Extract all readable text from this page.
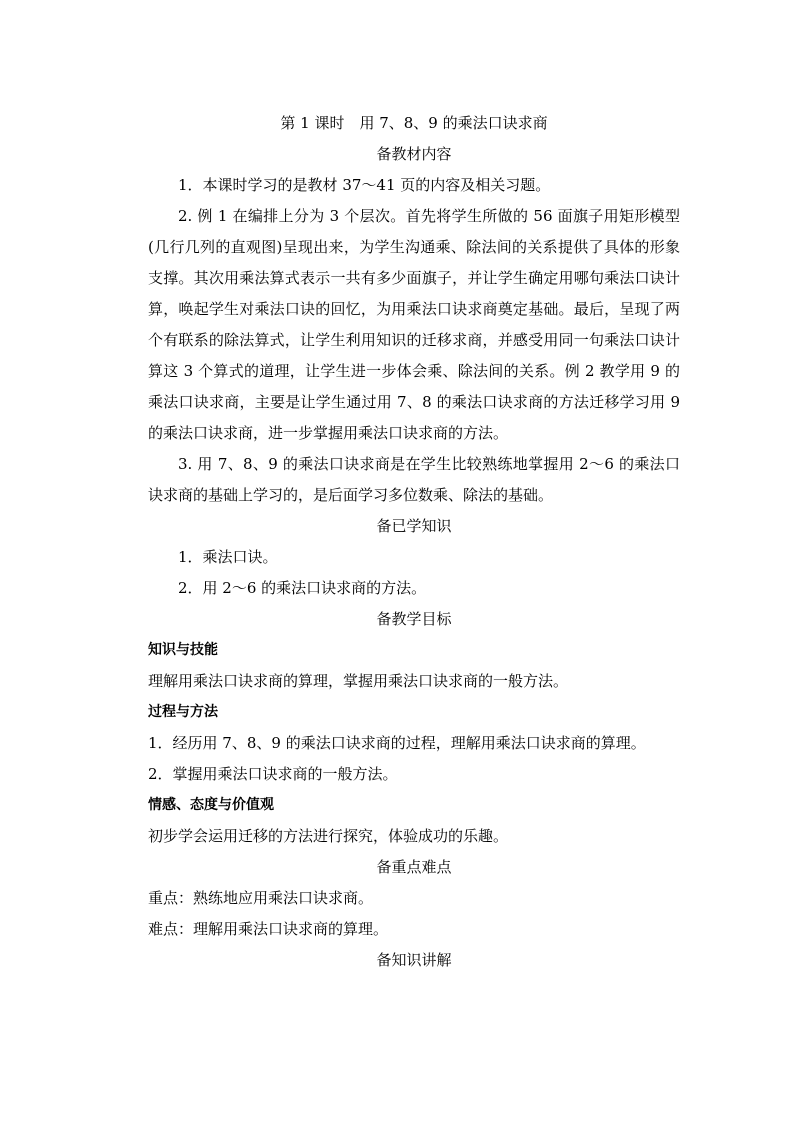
第 1 课时　用 7、8、9 的乘法口诀求商
备教材内容

1．本课时学习的是教材 37～41 页的内容及相关习题。

2. 例 1 在编排上分为 3 个层次。首先将学生所做的 56 面旗子用矩形模型(几行几列的直观图)呈现出来，为学生沟通乘、除法间的关系提供了具体的形象支撑。其次用乘法算式表示一共有多少面旗子，并让学生确定用哪句乘法口诀计算，唤起学生对乘法口诀的回忆，为用乘法口诀求商奠定基础。最后，呈现了两个有联系的除法算式，让学生利用知识的迁移求商，并感受用同一句乘法口诀计算这 3 个算式的道理，让学生进一步体会乘、除法间的关系。例 2 教学用 9 的乘法口诀求商，主要是让学生通过用 7、8 的乘法口诀求商的方法迁移学习用 9 的乘法口诀求商，进一步掌握用乘法口诀求商的方法。

3. 用 7、8、9 的乘法口诀求商是在学生比较熟练地掌握用 2～6 的乘法口诀求商的基础上学习的，是后面学习多位数乘、除法的基础。

备已学知识

1．乘法口诀。

2．用 2～6 的乘法口诀求商的方法。

备教学目标

知识与技能

理解用乘法口诀求商的算理，掌握用乘法口诀求商的一般方法。

过程与方法

1．经历用 7、8、9 的乘法口诀求商的过程，理解用乘法口诀求商的算理。

2．掌握用乘法口诀求商的一般方法。

情感、态度与价值观

初步学会运用迁移的方法进行探究，体验成功的乐趣。

备重点难点

重点：熟练地应用乘法口诀求商。

难点：理解用乘法口诀求商的算理。

备知识讲解
